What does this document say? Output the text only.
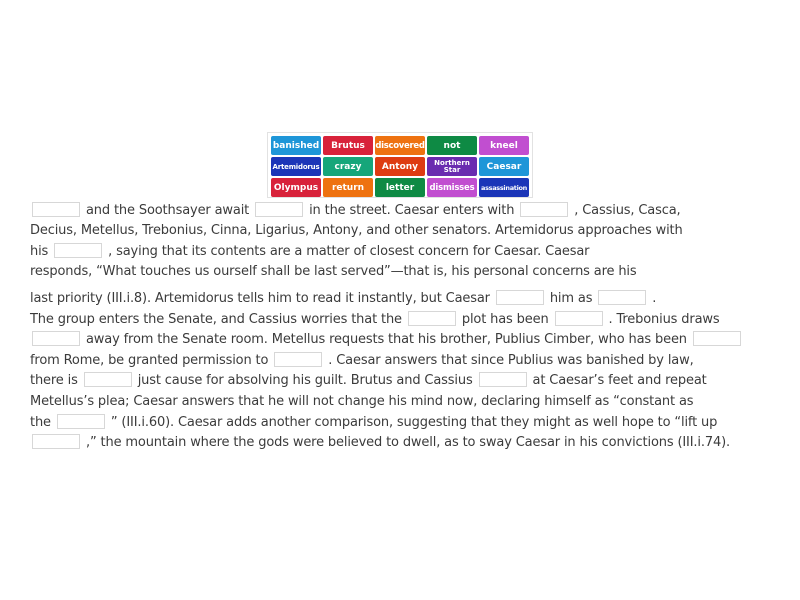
banished	Brutus	discovered	not	kneel
Artemidorus	crazy	Antony	Northern Star	Caesar
Olympus	return	letter	dismisses	assassination
and the Soothsayer await	in the street. Caesar enters with	, Cassius, Casca,
Decius, Metellus, Trebonius, Cinna, Ligarius, Antony, and other senators. Artemidorus approaches with
his	, saying that its contents are a matter of closest concern for Caesar. Caesar
responds, “What touches us ourself shall be last served”—that is, his personal concerns are his
last priority (III.i.8). Artemidorus tells him to read it instantly, but Caesar	him as	.
The group enters the Senate, and Cassius worries that the	plot has been	. Trebonius draws
away from the Senate room. Metellus requests that his brother, Publius Cimber, who has been
from Rome, be granted permission to	. Caesar answers that since Publius was banished by law,
there is	just cause for absolving his guilt. Brutus and Cassius	at Caesar’s feet and repeat
Metellus’s plea; Caesar answers that he will not change his mind now, declaring himself as “constant as
the	” (III.i.60). Caesar adds another comparison, suggesting that they might as well hope to “lift up
,” the mountain where the gods were believed to dwell, as to sway Caesar in his convictions (III.i.74).
